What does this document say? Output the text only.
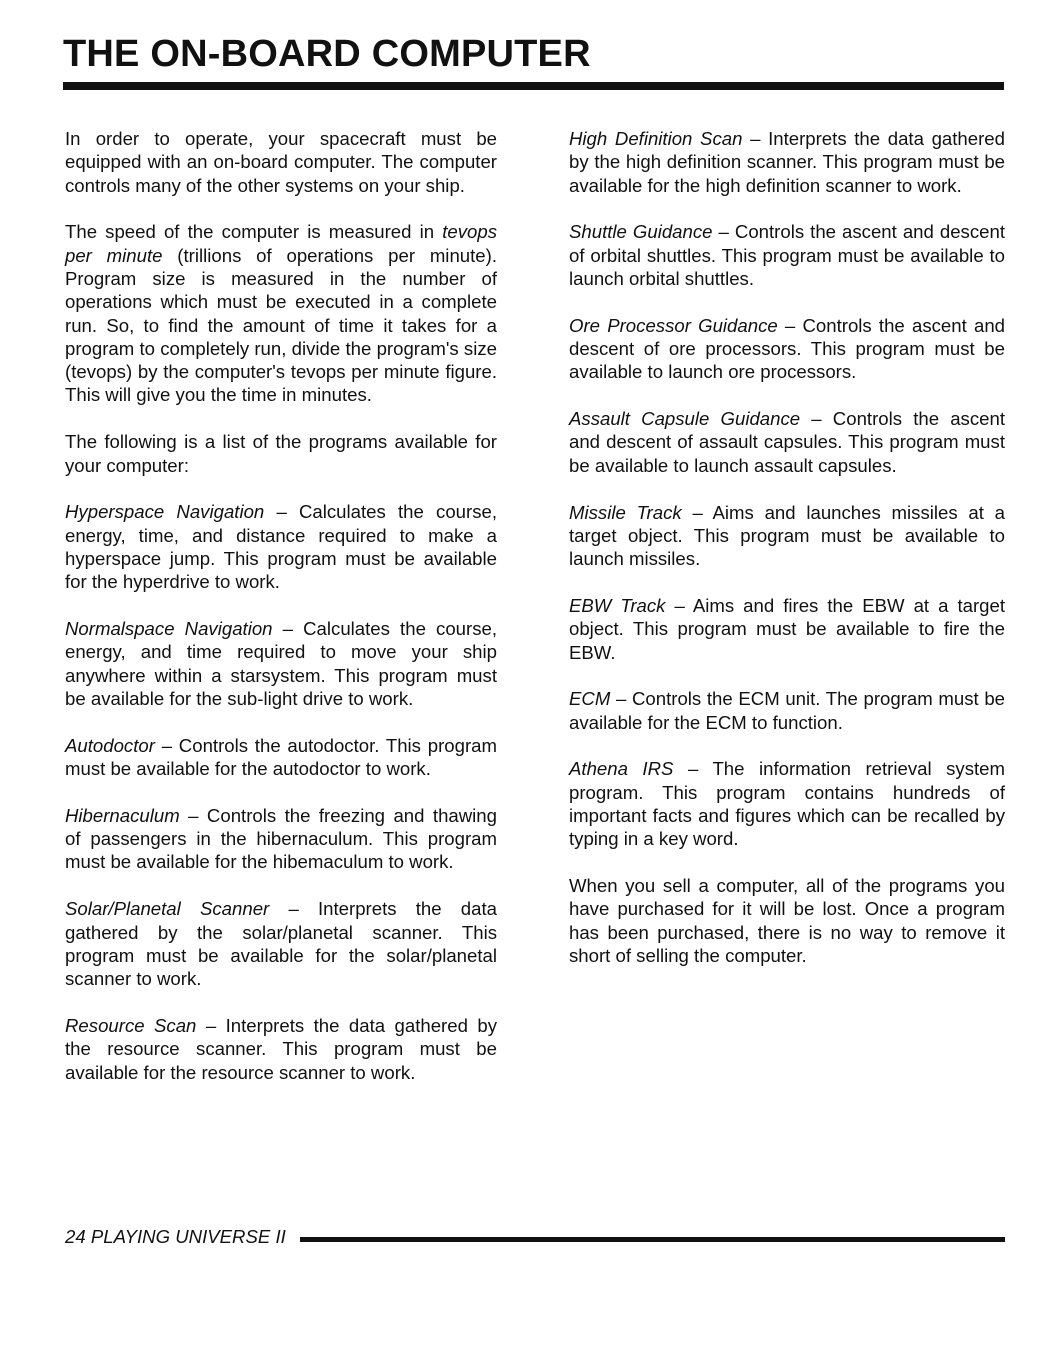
THE ON-BOARD COMPUTER

In order to operate, your spacecraft must be equipped with an on-board computer. The computer controls many of the other systems on your ship.

The speed of the computer is measured in tevops per minute (trillions of operations per minute). Program size is measured in the number of operations which must be executed in a complete run. So, to find the amount of time it takes for a program to completely run, divide the program's size (tevops) by the computer's tevops per minute figure. This will give you the time in minutes.

The following is a list of the programs available for your computer:

Hyperspace Navigation – Calculates the course, energy, time, and distance required to make a hyperspace jump. This program must be available for the hyperdrive to work.

Normalspace Navigation – Calculates the course, energy, and time required to move your ship anywhere within a starsystem. This program must be available for the sub-light drive to work.

Autodoctor – Controls the autodoctor. This program must be available for the autodoctor to work.

Hibernaculum – Controls the freezing and thawing of passengers in the hibernaculum. This program must be available for the hibemaculum to work.

Solar/Planetal Scanner – Interprets the data gathered by the solar/planetal scanner. This program must be available for the solar/planetal scanner to work.

Resource Scan – Interprets the data gathered by the resource scanner. This program must be available for the resource scanner to work.

High Definition Scan – Interprets the data gathered by the high definition scanner. This program must be available for the high definition scanner to work.

Shuttle Guidance – Controls the ascent and descent of orbital shuttles. This program must be available to launch orbital shuttles.

Ore Processor Guidance – Controls the ascent and descent of ore processors. This program must be available to launch ore processors.

Assault Capsule Guidance – Controls the ascent and descent of assault capsules. This program must be available to launch assault capsules.

Missile Track – Aims and launches missiles at a target object. This program must be available to launch missiles.

EBW Track – Aims and fires the EBW at a target object. This program must be available to fire the EBW.

ECM – Controls the ECM unit. The program must be available for the ECM to function.

Athena IRS – The information retrieval system program. This program contains hundreds of important facts and figures which can be recalled by typing in a key word.

When you sell a computer, all of the programs you have purchased for it will be lost. Once a program has been purchased, there is no way to remove it short of selling the computer.

24 PLAYING UNIVERSE II
